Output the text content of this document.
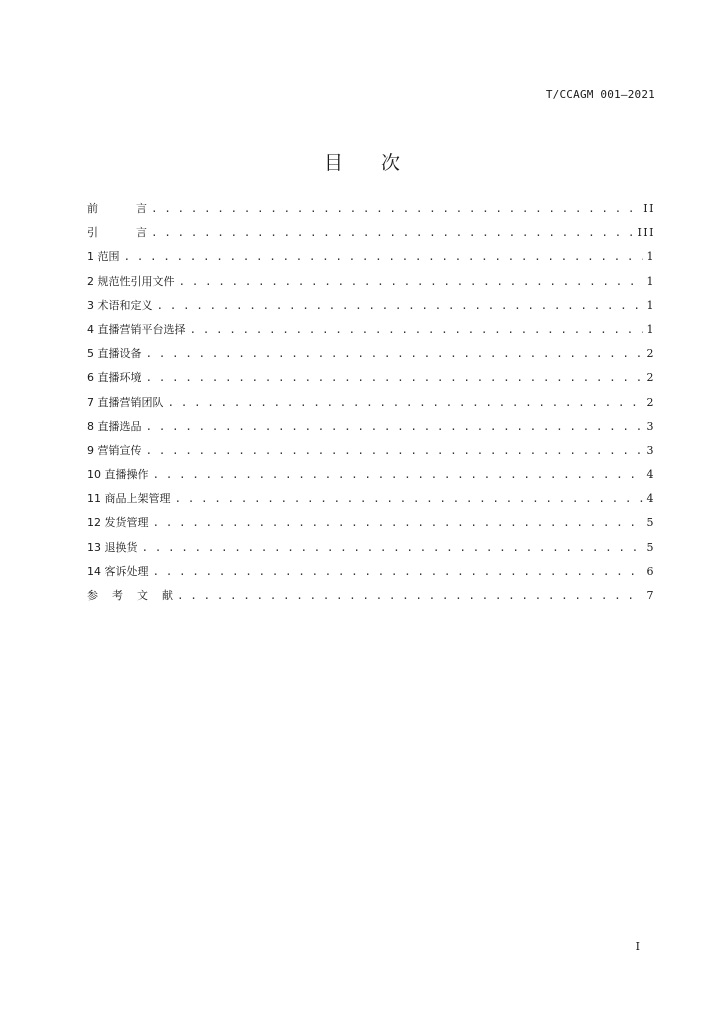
T/CCAGM 001—2021
目次
前	言 . . .	II
引	言 . . .	III
1 范围 . . .	1
2 规范性引用文件 . . .	1
3 术语和定义 . . .	1
4 直播营销平台选择 . . .	1
5 直播设备 . . .	2
6 直播环境 . . .	2
7 直播营销团队 . . .	2
8 直播选品 . . .	3
9 营销宣传 . . .	3
10 直播操作 . . .	4
11 商品上架管理 . . .	4
12 发货管理 . . .	5
13 退换货 . . .	5
14 客诉处理 . . .	6
参 考 文 献 . . .	7
I
